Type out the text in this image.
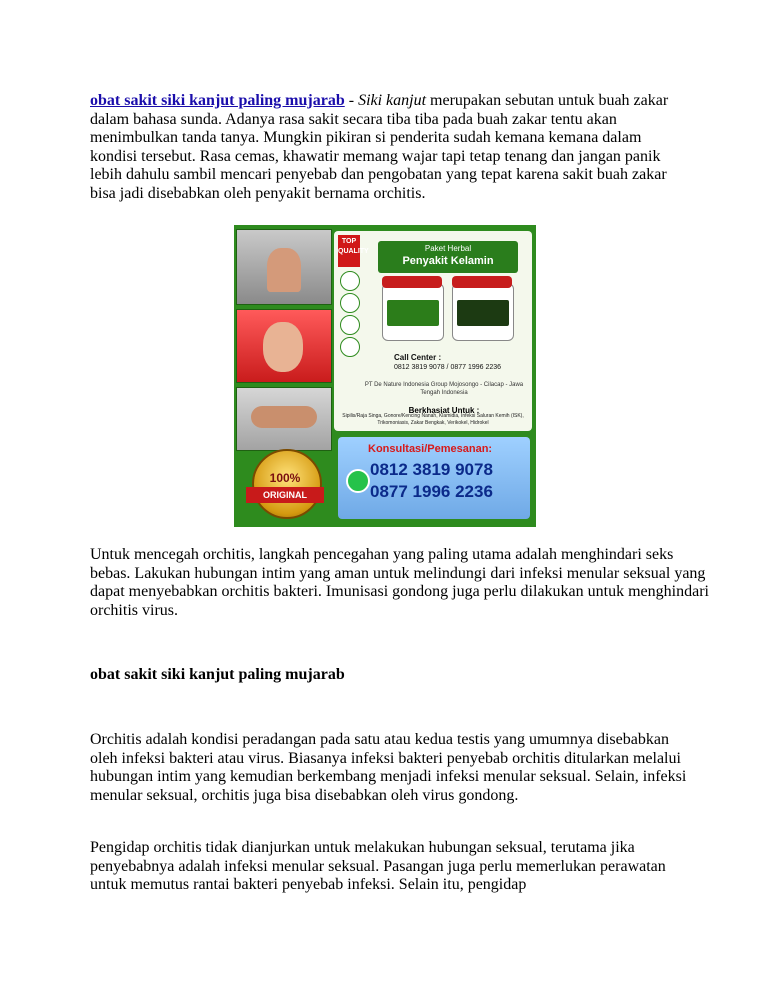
obat sakit siki kanjut paling mujarab - Siki kanjut merupakan sebutan untuk buah zakar dalam bahasa sunda. Adanya rasa sakit secara tiba tiba pada buah zakar tentu akan menimbulkan tanda tanya. Mungkin pikiran si penderita sudah kemana kemana dalam kondisi tersebut. Rasa cemas, khawatir memang wajar tapi tetap tenang dan jangan panik lebih dahulu sambil mencari penyebab dan pengobatan yang tepat karena sakit buah zakar bisa jadi disebabkan oleh penyakit bernama orchitis.

TOP QUALITY	Paket Herbal
Penyakit Kelamin
Call Center :
0812 3819 9078 / 0877 1996 2236
PT De Nature Indonesia Group Mojosongo - Cilacap - Jawa Tengah Indonesia
Berkhasiat Untuk :
Sipilis/Raja Singa, Gonore/Kencing Nanah, Klamidia, Infeksi Saluran Kemih (ISK), Trikomoniasis, Zakar Bengkak, Verikokel, Hidrokel
100%
ORIGINAL
Konsultasi/Pemesanan:
0812 3819 9078
0877 1996 2236

Untuk mencegah orchitis, langkah pencegahan yang paling utama adalah menghindari seks bebas. Lakukan hubungan intim yang aman untuk melindungi dari infeksi menular seksual yang dapat menyebabkan orchitis bakteri. Imunisasi gondong juga perlu dilakukan untuk menghindari orchitis virus.

obat sakit siki kanjut paling mujarab

Orchitis adalah kondisi peradangan pada satu atau kedua testis yang umumnya disebabkan oleh infeksi bakteri atau virus. Biasanya infeksi bakteri penyebab orchitis ditularkan melalui hubungan intim yang kemudian berkembang menjadi infeksi menular seksual. Selain, infeksi menular seksual, orchitis juga bisa disebabkan oleh virus gondong.

Pengidap orchitis tidak dianjurkan untuk melakukan hubungan seksual, terutama jika penyebabnya adalah infeksi menular seksual. Pasangan juga perlu memerlukan perawatan untuk memutus rantai bakteri penyebab infeksi. Selain itu, pengidap
